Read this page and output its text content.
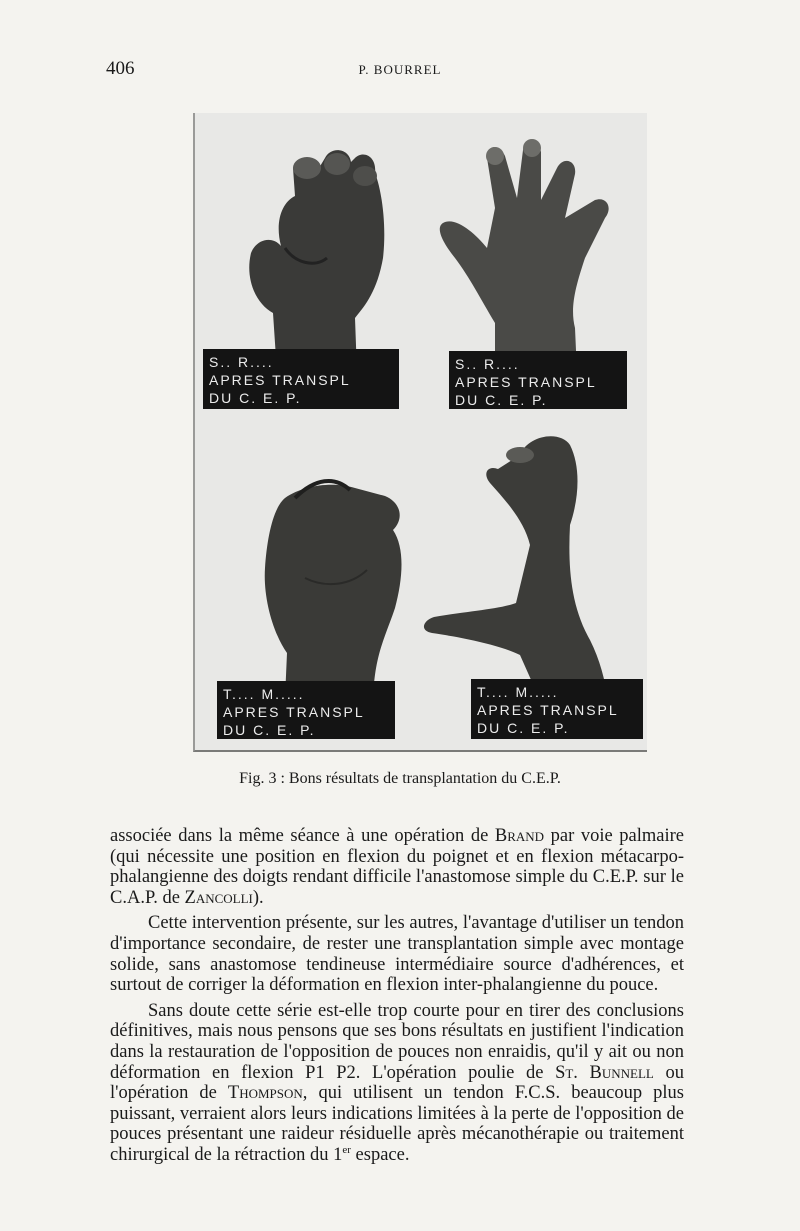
406	P. BOURREL
S.. R....
APRES TRANSPL
DU C. E. P.
S.. R....
APRES TRANSPL
DU C. E. P.
T.... M.....
APRES TRANSPL
DU C. E. P.
T.... M.....
APRES TRANSPL
DU C. E. P.
Fig. 3 : Bons résultats de transplantation du C.E.P.

associée dans la même séance à une opération de Brand par voie palmaire (qui nécessite une position en flexion du poignet et en flexion métacarpo-phalangienne des doigts rendant difficile l'anastomose simple du C.E.P. sur le C.A.P. de Zancolli).

Cette intervention présente, sur les autres, l'avantage d'utiliser un tendon d'importance secondaire, de rester une transplantation simple avec montage solide, sans anastomose tendineuse intermédiaire source d'adhérences, et surtout de corriger la déformation en flexion inter-phalangienne du pouce.

Sans doute cette série est-elle trop courte pour en tirer des conclusions définitives, mais nous pensons que ses bons résultats en justifient l'indication dans la restauration de l'opposition de pouces non enraidis, qu'il y ait ou non déformation en flexion P1 P2. L'opération poulie de St. Bunnell ou l'opération de Thompson, qui utilisent un tendon F.C.S. beaucoup plus puissant, verraient alors leurs indications limitées à la perte de l'opposition de pouces présentant une raideur résiduelle après mécanothérapie ou traitement chirurgical de la rétraction du 1er espace.
